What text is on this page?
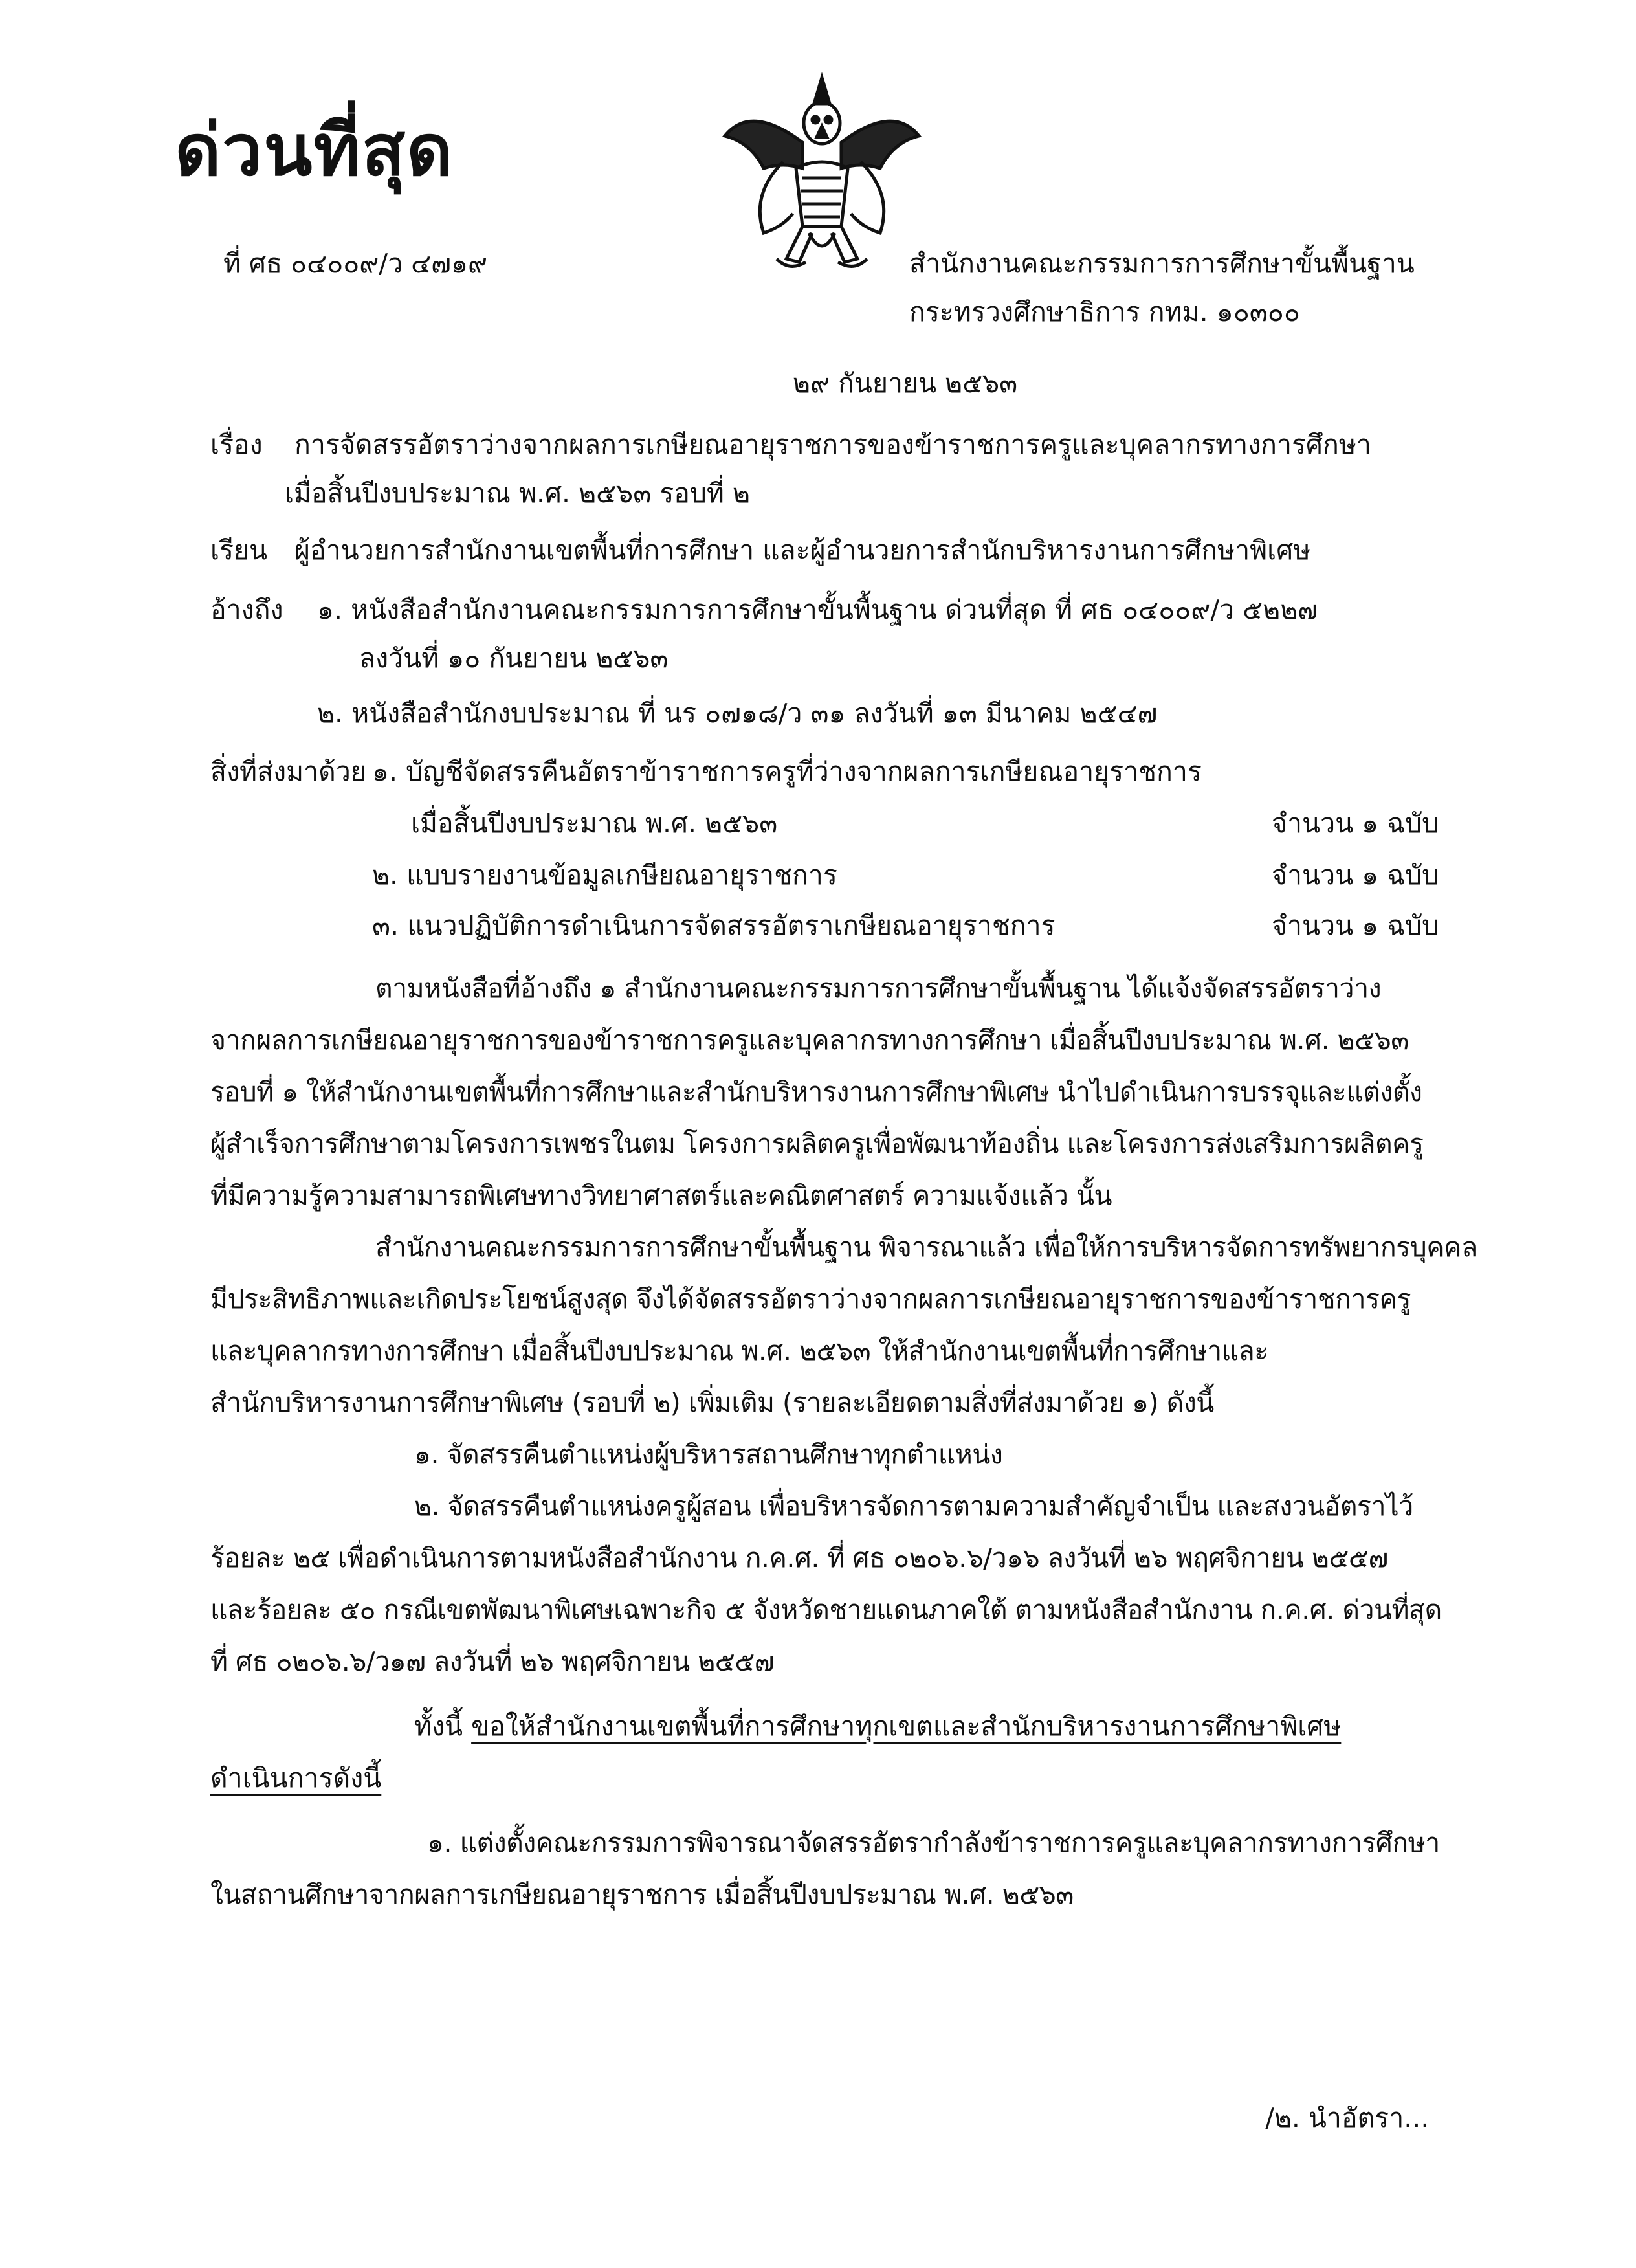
ด่วนที่สุด
ที่ ศธ ๐๔๐๐๙/ว ๔๗๑๙	สำนักงานคณะกรรมการการศึกษาขั้นพื้นฐาน
กระทรวงศึกษาธิการ กทม. ๑๐๓๐๐
๒๙ กันยายน ๒๕๖๓
เรื่อง การจัดสรรอัตราว่างจากผลการเกษียณอายุราชการของข้าราชการครูและบุคลากรทางการศึกษา
เมื่อสิ้นปีงบประมาณ พ.ศ. ๒๕๖๓ รอบที่ ๒
เรียน ผู้อำนวยการสำนักงานเขตพื้นที่การศึกษา และผู้อำนวยการสำนักบริหารงานการศึกษาพิเศษ
อ้างถึง ๑. หนังสือสำนักงานคณะกรรมการการศึกษาขั้นพื้นฐาน ด่วนที่สุด ที่ ศธ ๐๔๐๐๙/ว ๕๒๒๗
ลงวันที่ ๑๐ กันยายน ๒๕๖๓
๒. หนังสือสำนักงบประมาณ ที่ นร ๐๗๑๘/ว ๓๑ ลงวันที่ ๑๓ มีนาคม ๒๕๔๗
สิ่งที่ส่งมาด้วย ๑. บัญชีจัดสรรคืนอัตราข้าราชการครูที่ว่างจากผลการเกษียณอายุราชการ
เมื่อสิ้นปีงบประมาณ พ.ศ. ๒๕๖๓	จำนวน ๑ ฉบับ
๒. แบบรายงานข้อมูลเกษียณอายุราชการ	จำนวน ๑ ฉบับ
๓. แนวปฏิบัติการดำเนินการจัดสรรอัตราเกษียณอายุราชการ	จำนวน ๑ ฉบับ
ตามหนังสือที่อ้างถึง ๑ สำนักงานคณะกรรมการการศึกษาขั้นพื้นฐาน ได้แจ้งจัดสรรอัตราว่าง
จากผลการเกษียณอายุราชการของข้าราชการครูและบุคลากรทางการศึกษา เมื่อสิ้นปีงบประมาณ พ.ศ. ๒๕๖๓
รอบที่ ๑ ให้สำนักงานเขตพื้นที่การศึกษาและสำนักบริหารงานการศึกษาพิเศษ นำไปดำเนินการบรรจุและแต่งตั้ง
ผู้สำเร็จการศึกษาตามโครงการเพชรในตม โครงการผลิตครูเพื่อพัฒนาท้องถิ่น และโครงการส่งเสริมการผลิตครู
ที่มีความรู้ความสามารถพิเศษทางวิทยาศาสตร์และคณิตศาสตร์ ความแจ้งแล้ว นั้น
สำนักงานคณะกรรมการการศึกษาขั้นพื้นฐาน พิจารณาแล้ว เพื่อให้การบริหารจัดการทรัพยากรบุคคล
มีประสิทธิภาพและเกิดประโยชน์สูงสุด จึงได้จัดสรรอัตราว่างจากผลการเกษียณอายุราชการของข้าราชการครู
และบุคลากรทางการศึกษา เมื่อสิ้นปีงบประมาณ พ.ศ. ๒๕๖๓ ให้สำนักงานเขตพื้นที่การศึกษาและ
สำนักบริหารงานการศึกษาพิเศษ (รอบที่ ๒) เพิ่มเติม (รายละเอียดตามสิ่งที่ส่งมาด้วย ๑) ดังนี้
๑. จัดสรรคืนตำแหน่งผู้บริหารสถานศึกษาทุกตำแหน่ง
๒. จัดสรรคืนตำแหน่งครูผู้สอน เพื่อบริหารจัดการตามความสำคัญจำเป็น และสงวนอัตราไว้
ร้อยละ ๒๕ เพื่อดำเนินการตามหนังสือสำนักงาน ก.ค.ศ. ที่ ศธ ๐๒๐๖.๖/ว๑๖ ลงวันที่ ๒๖ พฤศจิกายน ๒๕๕๗
และร้อยละ ๕๐ กรณีเขตพัฒนาพิเศษเฉพาะกิจ ๕ จังหวัดชายแดนภาคใต้ ตามหนังสือสำนักงาน ก.ค.ศ. ด่วนที่สุด
ที่ ศธ ๐๒๐๖.๖/ว๑๗ ลงวันที่ ๒๖ พฤศจิกายน ๒๕๕๗
ทั้งนี้ ขอให้สำนักงานเขตพื้นที่การศึกษาทุกเขตและสำนักบริหารงานการศึกษาพิเศษ
ดำเนินการดังนี้
๑. แต่งตั้งคณะกรรมการพิจารณาจัดสรรอัตรากำลังข้าราชการครูและบุคลากรทางการศึกษา
ในสถานศึกษาจากผลการเกษียณอายุราชการ เมื่อสิ้นปีงบประมาณ พ.ศ. ๒๕๖๓
/๒. นำอัตรา...
